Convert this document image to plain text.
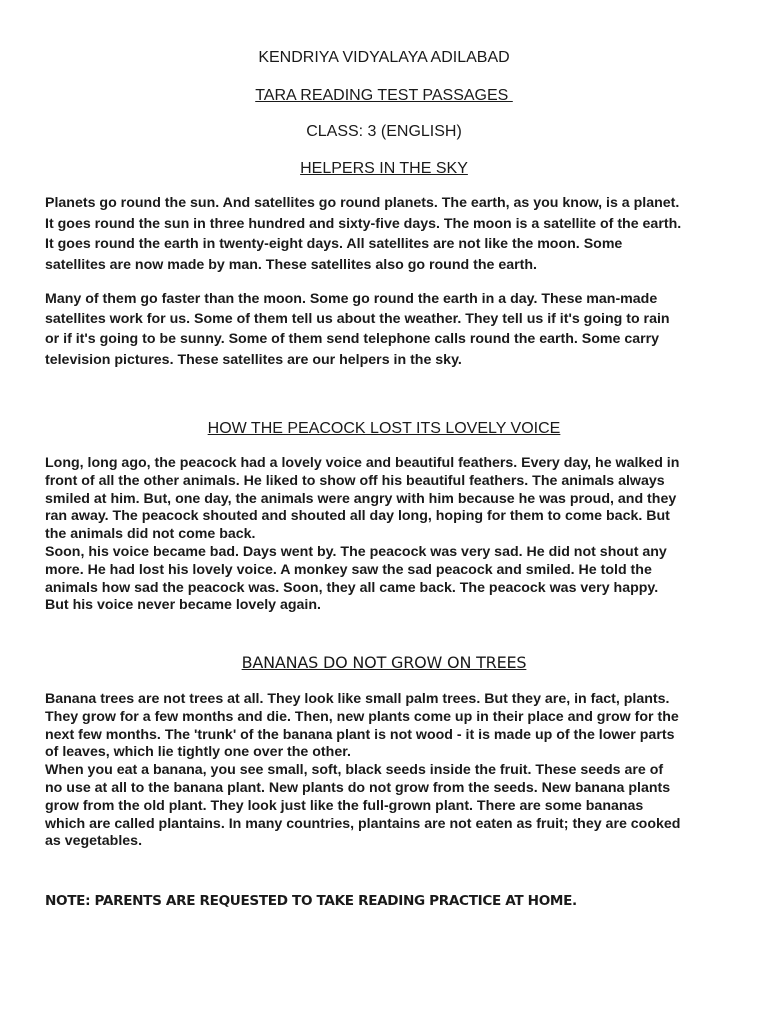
KENDRIYA VIDYALAYA ADILABAD
TARA READING TEST PASSAGES
CLASS: 3 (ENGLISH)
HELPERS IN THE SKY
Planets go round the sun. And satellites go round planets. The earth, as you know, is a planet.
It goes round the sun in three hundred and sixty-five days. The moon is a satellite of the earth.
It goes round the earth in twenty-eight days. All satellites are not like the moon. Some
satellites are now made by man. These satellites also go round the earth.
Many of them go faster than the moon. Some go round the earth in a day. These man-made
satellites work for us. Some of them tell us about the weather. They tell us if it's going to rain
or if it's going to be sunny. Some of them send telephone calls round the earth. Some carry
television pictures. These satellites are our helpers in the sky.
HOW THE PEACOCK LOST ITS LOVELY VOICE
Long, long ago, the peacock had a lovely voice and beautiful feathers. Every day, he walked in
front of all the other animals. He liked to show off his beautiful feathers. The animals always
smiled at him. But, one day, the animals were angry with him because he was proud, and they
ran away. The peacock shouted and shouted all day long, hoping for them to come back. But
the animals did not come back.
Soon, his voice became bad. Days went by. The peacock was very sad. He did not shout any
more. He had lost his lovely voice. A monkey saw the sad peacock and smiled. He told the
animals how sad the peacock was. Soon, they all came back. The peacock was very happy.
But his voice never became lovely again.
BANANAS DO NOT GROW ON TREES
Banana trees are not trees at all. They look like small palm trees. But they are, in fact, plants.
They grow for a few months and die. Then, new plants come up in their place and grow for the
next few months. The 'trunk' of the banana plant is not wood - it is made up of the lower parts
of leaves, which lie tightly one over the other.
When you eat a banana, you see small, soft, black seeds inside the fruit. These seeds are of
no use at all to the banana plant. New plants do not grow from the seeds. New banana plants
grow from the old plant. They look just like the full-grown plant. There are some bananas
which are called plantains. In many countries, plantains are not eaten as fruit; they are cooked
as vegetables.
NOTE: PARENTS ARE REQUESTED TO TAKE READING PRACTICE AT HOME.
